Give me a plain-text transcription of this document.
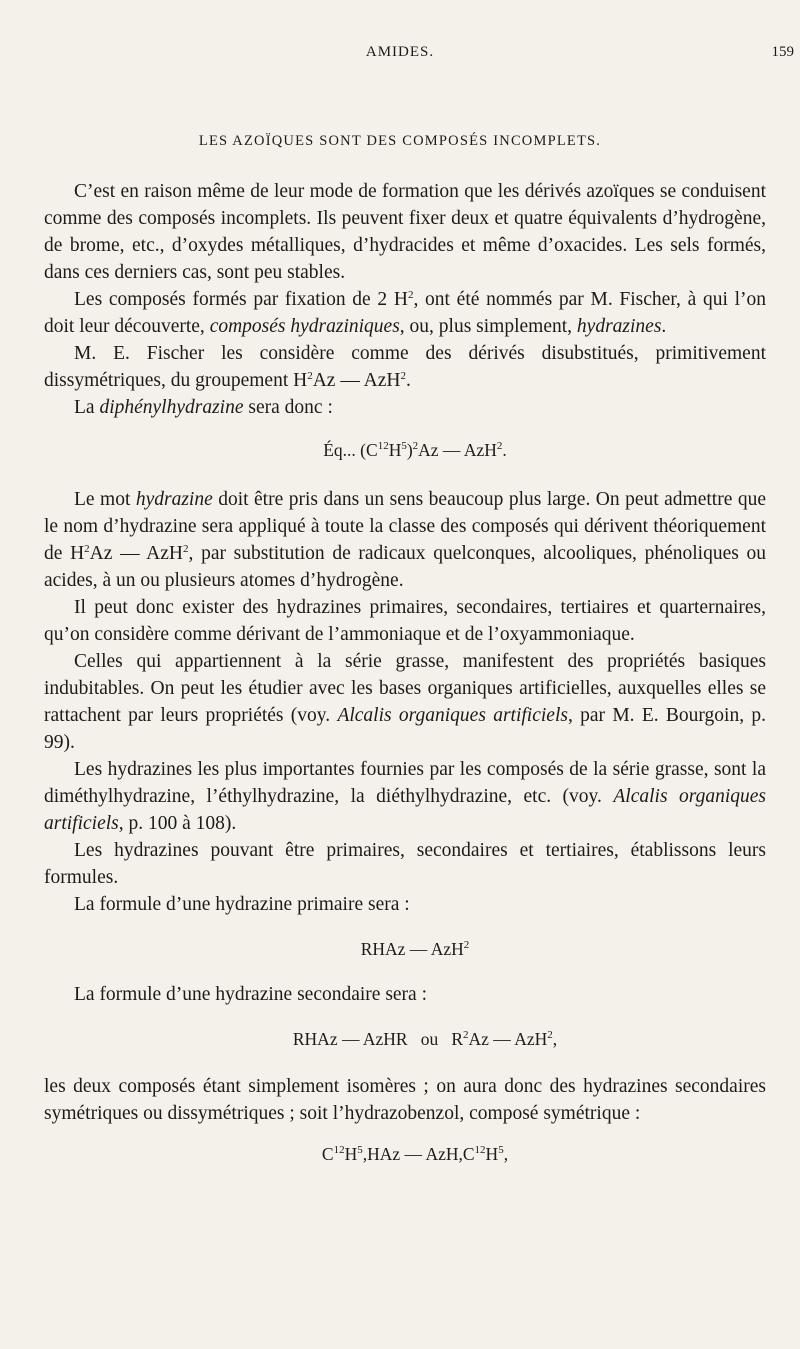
AMIDES.	159
LES AZOÏQUES SONT DES COMPOSÉS INCOMPLETS.

C’est en raison même de leur mode de formation que les dérivés azoïques se conduisent comme des composés incomplets. Ils peuvent fixer deux et quatre équivalents d’hydrogène, de brome, etc., d’oxydes métalliques, d’hydracides et même d’oxacides. Les sels formés, dans ces derniers cas, sont peu stables.

Les composés formés par fixation de 2 $H^2$, ont été nommés par M. Fischer, à qui l’on doit leur découverte, composés hydraziniques, ou, plus simplement, hydrazines.

M. E. Fischer les considère comme des dérivés disubstitués, primitivement dissymétriques, du groupement $H^2Az$ — AzH$^2$.

La diphénylhydrazine sera donc :

Éq... $(C^{12}H^5)^2Az$ — AzH$^2$.

Le mot hydrazine doit être pris dans un sens beaucoup plus large. On peut admettre que le nom d’hydrazine sera appliqué à toute la classe des composés qui dérivent théoriquement de $H^2Az$ — AzH$^2$, par substitution de radicaux quelconques, alcooliques, phénoliques ou acides, à un ou plusieurs atomes d’hydrogène.

Il peut donc exister des hydrazines primaires, secondaires, tertiaires et quarternaires, qu’on considère comme dérivant de l’ammoniaque et de l’oxyammoniaque.

Celles qui appartiennent à la série grasse, manifestent des propriétés basiques indubitables. On peut les étudier avec les bases organiques artificielles, auxquelles elles se rattachent par leurs propriétés (voy. Alcalis organiques artificiels, par M. E. Bourgoin, p. 99).

Les hydrazines les plus importantes fournies par les composés de la série grasse, sont la diméthylhydrazine, l’éthylhydrazine, la diéthylhydrazine, etc. (voy. Alcalis organiques artificiels, p. 100 à 108).

Les hydrazines pouvant être primaires, secondaires et tertiaires, établissons leurs formules.

La formule d’une hydrazine primaire sera :

RHAz — AzH$^2$

La formule d’une hydrazine secondaire sera :

RHAz — AzHR   ou   $R^2Az$ — AzH$^2$,

les deux composés étant simplement isomères ; on aura donc des hydrazines secondaires symétriques ou dissymétriques ; soit l’hydrazobenzol, composé symétrique :

$C^{12}H^5,HAz$ — $AzH,C^{12}H^5$,
